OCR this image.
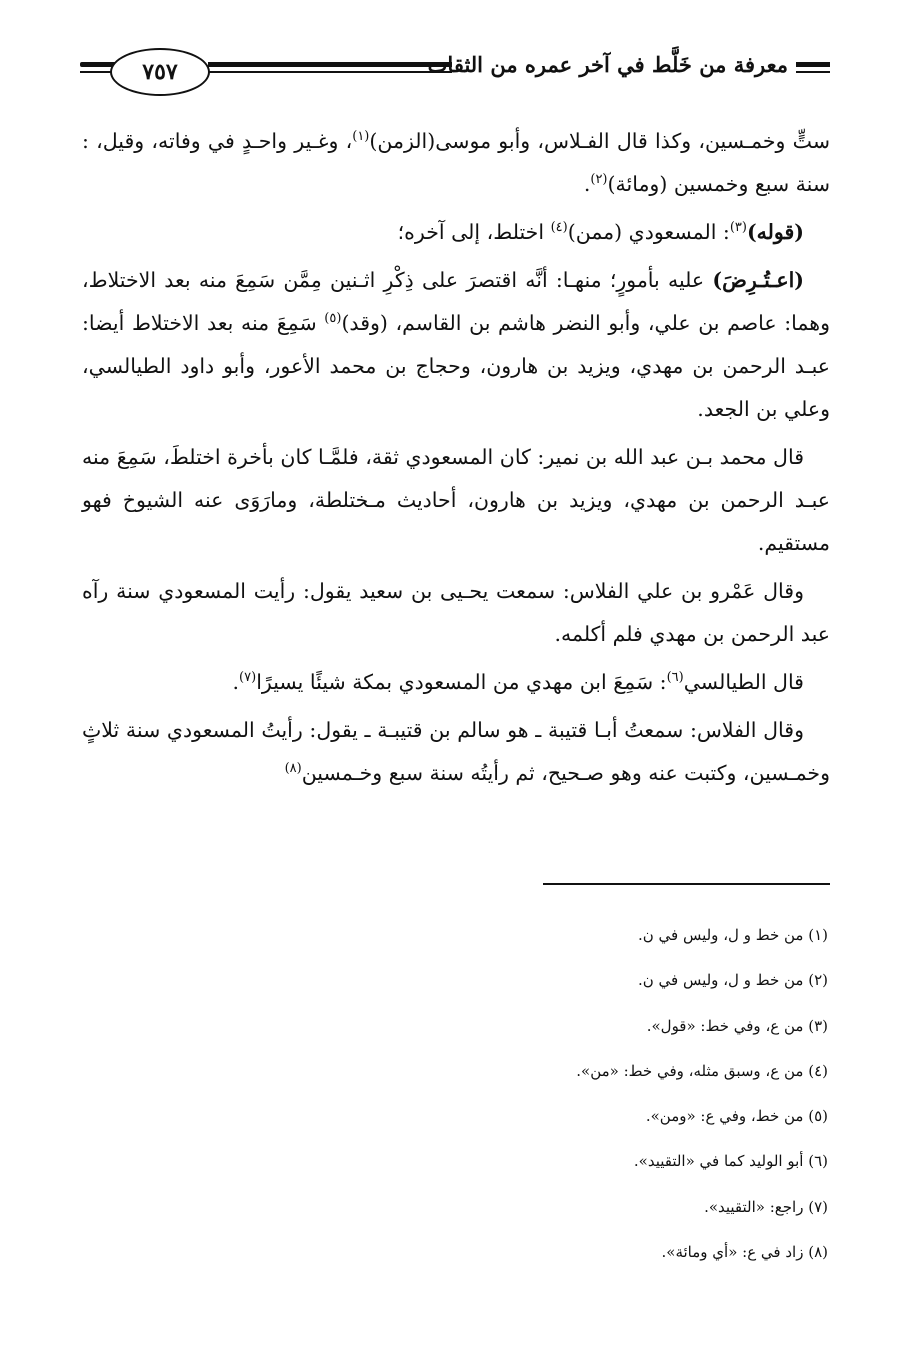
٧٥٧	معرفة من خَلَّط في آخر عمره من الثقات

ستٍّ وخمـسين، وكذا قال الفـلاس، وأبو موسى(الزمن)$^{(١)}$، وغـير واحـدٍ في وفاته، وقيل، : سنة سبع وخمسين (ومائة)$^{(٢)}$.

(قوله)$^{(٣)}$: المسعودي (ممن)$^{(٤)}$ اختلط، إلى آخره؛

(اعـتُـرِضَ) عليه بأمورٍ؛ منهـا: أنَّه اقتصرَ على ذِكْرِ اثـنين مِمَّن سَمِعَ منه بعد الاختلاط، وهما: عاصم بن علي، وأبو النضر هاشم بن القاسم، (وقد)$^{(٥)}$ سَمِعَ منه بعد الاختلاط أيضا: عبـد الرحمن بن مهدي، ويزيد بن هارون، وحجاج بن محمد الأعور، وأبو داود الطيالسي، وعلي بن الجعد.

قال محمد بـن عبد الله بن نمير: كان المسعودي ثقة، فلمَّـا كان بأخرة اختلطَ، سَمِعَ منه عبـد الرحمن بن مهدي، ويزيد بن هارون، أحاديث مـختلطة، ومارَوَى عنه الشيوخ فهو مستقيم.

وقال عَمْرو بن علي الفلاس: سمعت يحـيى بن سعيد يقول: رأيت المسعودي سنة رآه عبد الرحمن بن مهدي فلم أكلمه.

قال الطيالسي$^{(٦)}$: سَمِعَ ابن مهدي من المسعودي بمكة شيئًا يسيرًا$^{(٧)}$.

وقال الفلاس: سمعتُ أبـا قتيبة ـ هو سالم بن قتيبـة ـ يقول: رأيتُ المسعودي سنة ثلاثٍ وخمـسين، وكتبت عنه وهو صـحيح، ثم رأيتُه سنة سبع وخـمسين$^{(٨)}$

(١) من خط و ل، وليس في ن.
(٢) من خط و ل، وليس في ن.
(٣) من ع، وفي خط: «قول».
(٤) من ع، وسبق مثله، وفي خط: «من».
(٥) من خط، وفي ع: «ومن».
(٦) أبو الوليد كما في «التقييد».
(٧) راجع: «التقييد».
(٨) زاد في ع: «أي ومائة».
